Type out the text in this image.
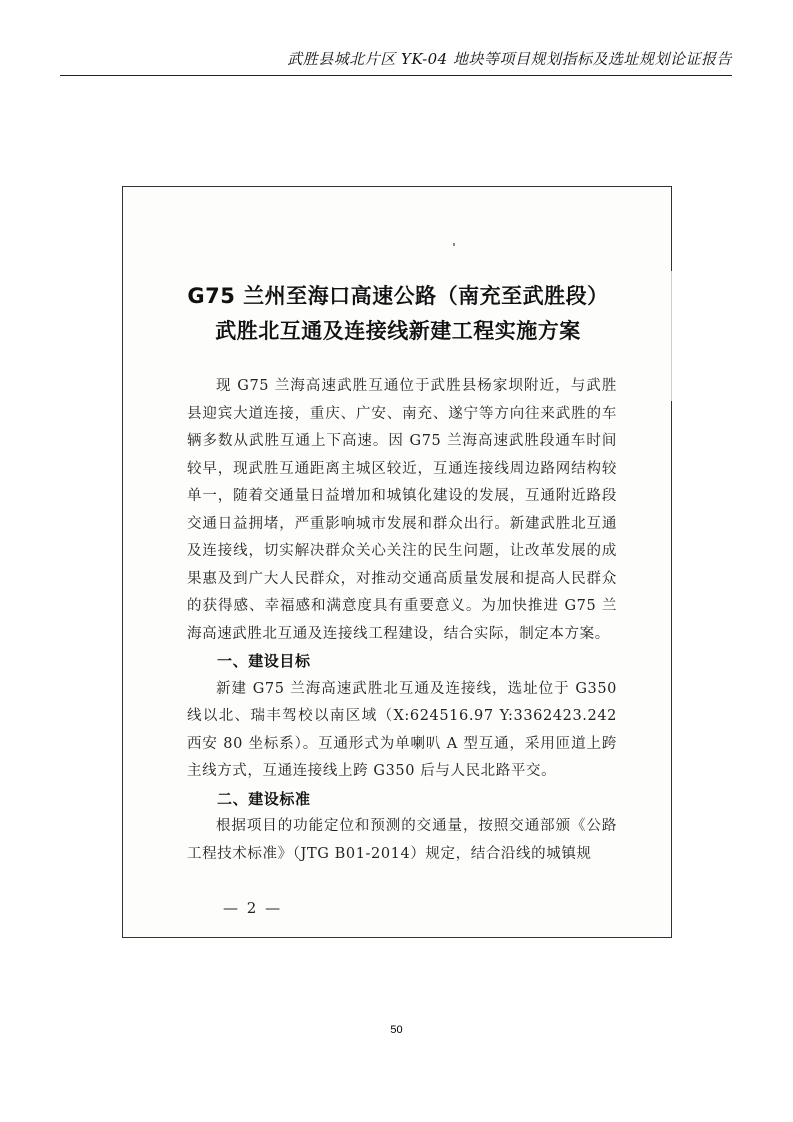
武胜县城北片区 YK-04 地块等项目规划指标及选址规划论证报告
G75 兰州至海口高速公路（南充至武胜段）
武胜北互通及连接线新建工程实施方案

现 G75 兰海高速武胜互通位于武胜县杨家坝附近，与武胜县迎宾大道连接，重庆、广安、南充、遂宁等方向往来武胜的车辆多数从武胜互通上下高速。因 G75 兰海高速武胜段通车时间较早，现武胜互通距离主城区较近，互通连接线周边路网结构较单一，随着交通量日益增加和城镇化建设的发展，互通附近路段交通日益拥堵，严重影响城市发展和群众出行。新建武胜北互通及连接线，切实解决群众关心关注的民生问题，让改革发展的成果惠及到广大人民群众，对推动交通高质量发展和提高人民群众的获得感、幸福感和满意度具有重要意义。为加快推进 G75 兰海高速武胜北互通及连接线工程建设，结合实际，制定本方案。

一、建设目标

新建 G75 兰海高速武胜北互通及连接线，选址位于 G350 线以北、瑞丰驾校以南区域（X:624516.97 Y:3362423.242 西安 80 坐标系）。互通形式为单喇叭 A 型互通，采用匝道上跨主线方式，互通连接线上跨 G350 后与人民北路平交。

二、建设标准

根据项目的功能定位和预测的交通量，按照交通部颁《公路工程技术标准》（JTG B01-2014）规定，结合沿线的城镇规

— 2 —
50
